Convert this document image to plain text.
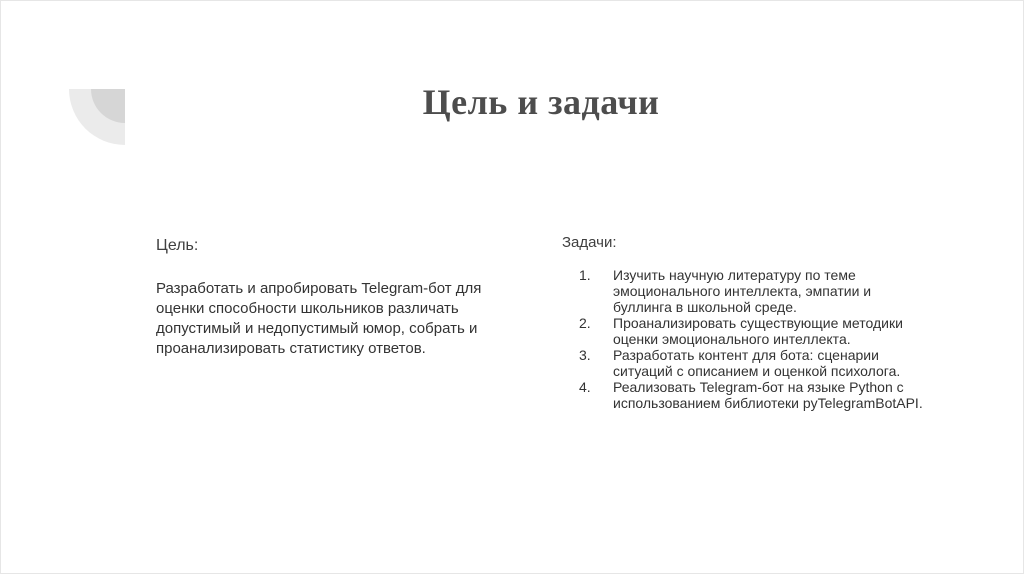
Цель и задачи
Цель:
Разработать и апробировать Telegram-бот для оценки способности школьников различать допустимый и недопустимый юмор, собрать и проанализировать статистику ответов.
Задачи:
1. Изучить научную литературу по теме эмоционального интеллекта, эмпатии и буллинга в школьной среде.
2. Проанализировать существующие методики оценки эмоционального интеллекта.
3. Разработать контент для бота: сценарии ситуаций с описанием и оценкой психолога.
4. Реализовать Telegram-бот на языке Python с использованием библиотеки pyTelegramBotAPI.
